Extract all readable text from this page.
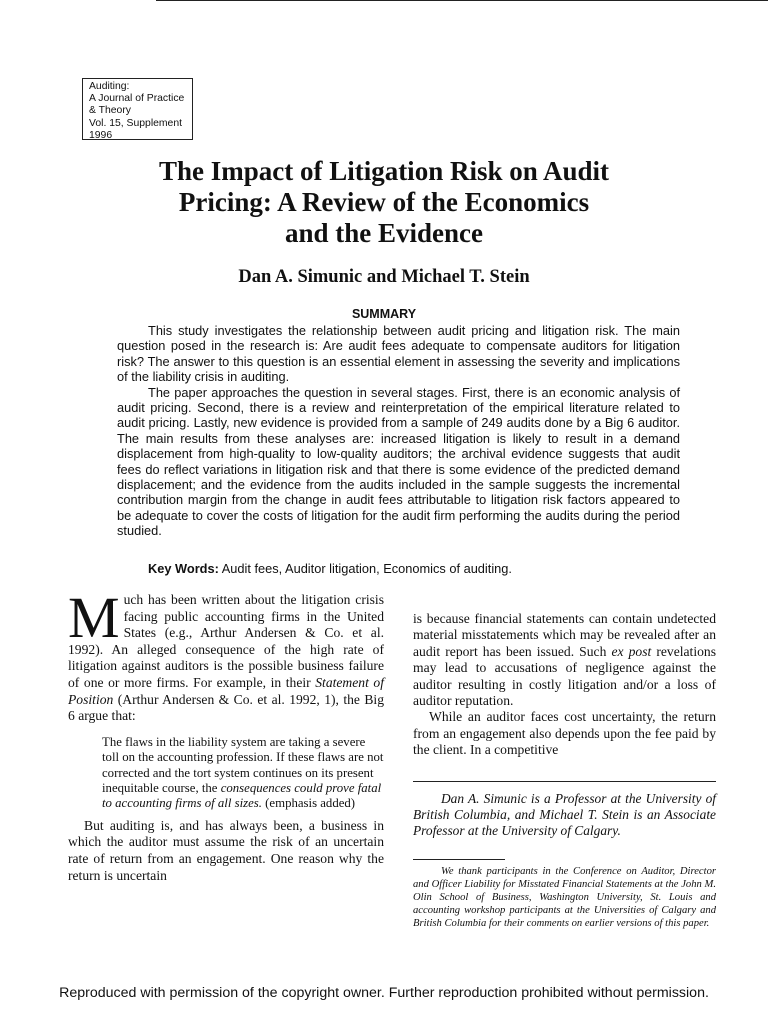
Auditing:
A Journal of Practice
& Theory
Vol. 15, Supplement
1996
The Impact of Litigation Risk on Audit
Pricing: A Review of the Economics
and the Evidence
Dan A. Simunic and Michael T. Stein
SUMMARY

This study investigates the relationship between audit pricing and litigation risk. The main question posed in the research is: Are audit fees adequate to compensate auditors for litigation risk? The answer to this question is an essential element in assessing the severity and implications of the liability crisis in auditing.

The paper approaches the question in several stages. First, there is an economic analysis of audit pricing. Second, there is a review and reinterpretation of the empirical literature related to audit pricing. Lastly, new evidence is provided from a sample of 249 audits done by a Big 6 auditor. The main results from these analyses are: increased litigation is likely to result in a demand displacement from high-quality to low-quality auditors; the archival evidence suggests that audit fees do reflect variations in litigation risk and that there is some evidence of the predicted demand displacement; and the evidence from the audits included in the sample suggests the incremental contribution margin from the change in audit fees attributable to litigation risk factors appeared to be adequate to cover the costs of litigation for the audit firm performing the audits during the period studied.

Key Words: Audit fees, Auditor litigation, Economics of auditing.

Much has been written about the litigation crisis facing public accounting firms in the United States (e.g., Arthur Andersen & Co. et al. 1992). An alleged consequence of the high rate of litigation against auditors is the possible business failure of one or more firms. For example, in their Statement of Position (Arthur Andersen & Co. et al. 1992, 1), the Big 6 argue that:

The flaws in the liability system are taking a severe toll on the accounting profession. If these flaws are not corrected and the tort system continues on its present inequitable course, the consequences could prove fatal to accounting firms of all sizes. (emphasis added)

But auditing is, and has always been, a business in which the auditor must assume the risk of an uncertain rate of return from an engagement. One reason why the return is uncertain

is because financial statements can contain undetected material misstatements which may be revealed after an audit report has been issued. Such ex post revelations may lead to accusations of negligence against the auditor resulting in costly litigation and/or a loss of auditor reputation.

While an auditor faces cost uncertainty, the return from an engagement also depends upon the fee paid by the client. In a competitive

Dan A. Simunic is a Professor at the University of British Columbia, and Michael T. Stein is an Associate Professor at the University of Calgary.

We thank participants in the Conference on Auditor, Director and Officer Liability for Misstated Financial Statements at the John M. Olin School of Business, Washington University, St. Louis and accounting workshop participants at the Universities of Calgary and British Columbia for their comments on earlier versions of this paper.

Reproduced with permission of the copyright owner. Further reproduction prohibited without permission.
